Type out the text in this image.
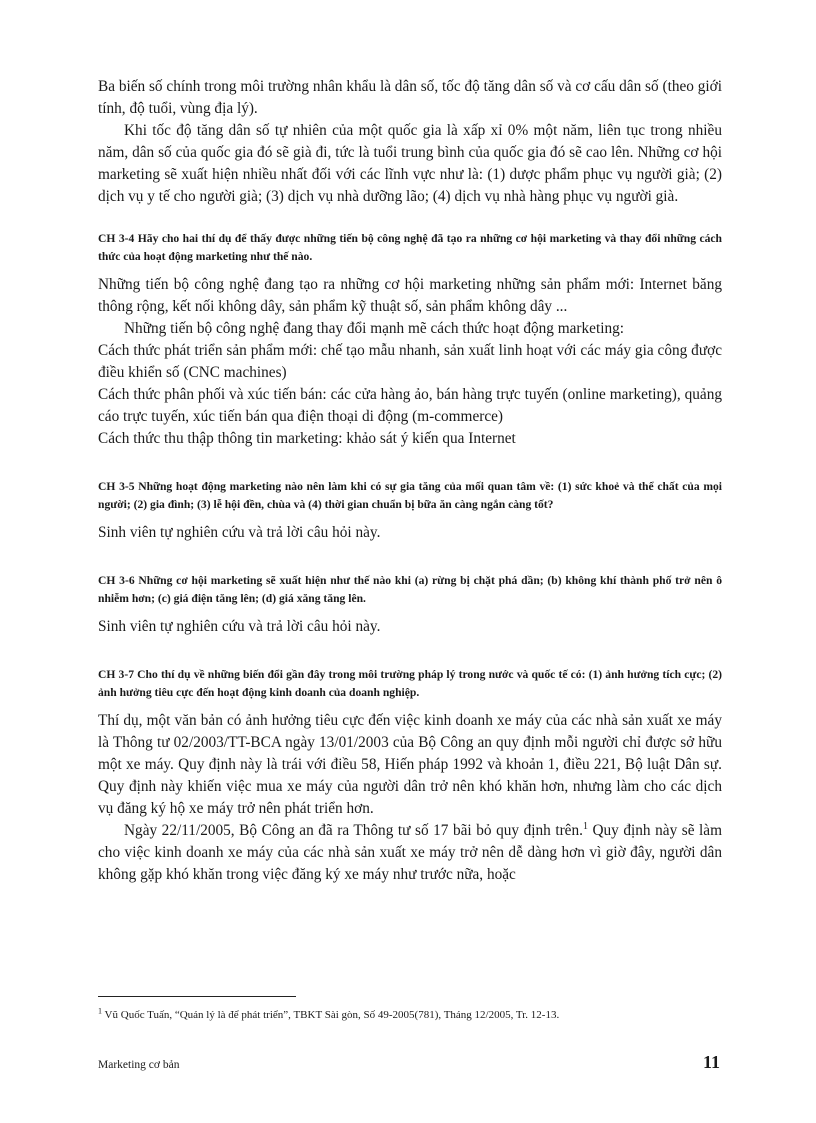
Ba biến số chính trong môi trường nhân khẩu là dân số, tốc độ tăng dân số và cơ cấu dân số (theo giới tính, độ tuổi, vùng địa lý).

Khi tốc độ tăng dân số tự nhiên của một quốc gia là xấp xỉ 0% một năm, liên tục trong nhiều năm, dân số của quốc gia đó sẽ già đi, tức là tuổi trung bình của quốc gia đó sẽ cao lên. Những cơ hội marketing sẽ xuất hiện nhiều nhất đối với các lĩnh vực như là: (1) dược phẩm phục vụ người già; (2) dịch vụ y tế cho người già; (3) dịch vụ nhà dưỡng lão; (4) dịch vụ nhà hàng phục vụ người già.

CH 3-4 Hãy cho hai thí dụ để thấy được những tiến bộ công nghệ đã tạo ra những cơ hội marketing và thay đổi những cách thức của hoạt động marketing như thế nào.

Những tiến bộ công nghệ đang tạo ra những cơ hội marketing những sản phẩm mới: Internet băng thông rộng, kết nối không dây, sản phẩm kỹ thuật số, sản phẩm không dây ...

Những tiến bộ công nghệ đang thay đổi mạnh mẽ cách thức hoạt động marketing:

Cách thức phát triển sản phẩm mới: chế tạo mẫu nhanh, sản xuất linh hoạt với các máy gia công được điều khiển số (CNC machines)

Cách thức phân phối và xúc tiến bán: các cửa hàng ảo, bán hàng trực tuyến (online marketing), quảng cáo trực tuyến, xúc tiến bán qua điện thoại di động (m-commerce)

Cách thức thu thập thông tin marketing: khảo sát ý kiến qua Internet

CH 3-5 Những hoạt động marketing nào nên làm khi có sự gia tăng của mối quan tâm về: (1) sức khoẻ và thể chất của mọi người; (2) gia đình; (3) lễ hội đền, chùa và (4) thời gian chuẩn bị bữa ăn càng ngắn càng tốt?

Sinh viên tự nghiên cứu và trả lời câu hỏi này.

CH 3-6 Những cơ hội marketing sẽ xuất hiện như thế nào khi (a) rừng bị chặt phá dần; (b) không khí thành phố trở nên ô nhiễm hơn; (c) giá điện tăng lên; (d) giá xăng tăng lên.

Sinh viên tự nghiên cứu và trả lời câu hỏi này.

CH 3-7 Cho thí dụ về những biến đổi gần đây trong môi trường pháp lý trong nước và quốc tế có: (1) ảnh hưởng tích cực; (2) ảnh hưởng tiêu cực đến hoạt động kinh doanh của doanh nghiệp.

Thí dụ, một văn bản có ảnh hưởng tiêu cực đến việc kinh doanh xe máy của các nhà sản xuất xe máy là Thông tư 02/2003/TT-BCA ngày 13/01/2003 của Bộ Công an quy định mỗi người chỉ được sở hữu một xe máy. Quy định này là trái với điều 58, Hiến pháp 1992 và khoản 1, điều 221, Bộ luật Dân sự. Quy định này khiến việc mua xe máy của người dân trở nên khó khăn hơn, nhưng làm cho các dịch vụ đăng ký hộ xe máy trở nên phát triển hơn.

Ngày 22/11/2005, Bộ Công an đã ra Thông tư số 17 bãi bỏ quy định trên.$^1$ Quy định này sẽ làm cho việc kinh doanh xe máy của các nhà sản xuất xe máy trở nên dễ dàng hơn vì giờ đây, người dân không gặp khó khăn trong việc đăng ký xe máy như trước nữa, hoặc

$^1$ Vũ Quốc Tuấn, “Quản lý là để phát triển”, TBKT Sài gòn, Số 49-2005(781), Tháng 12/2005, Tr. 12-13.
Marketing cơ bản	11
